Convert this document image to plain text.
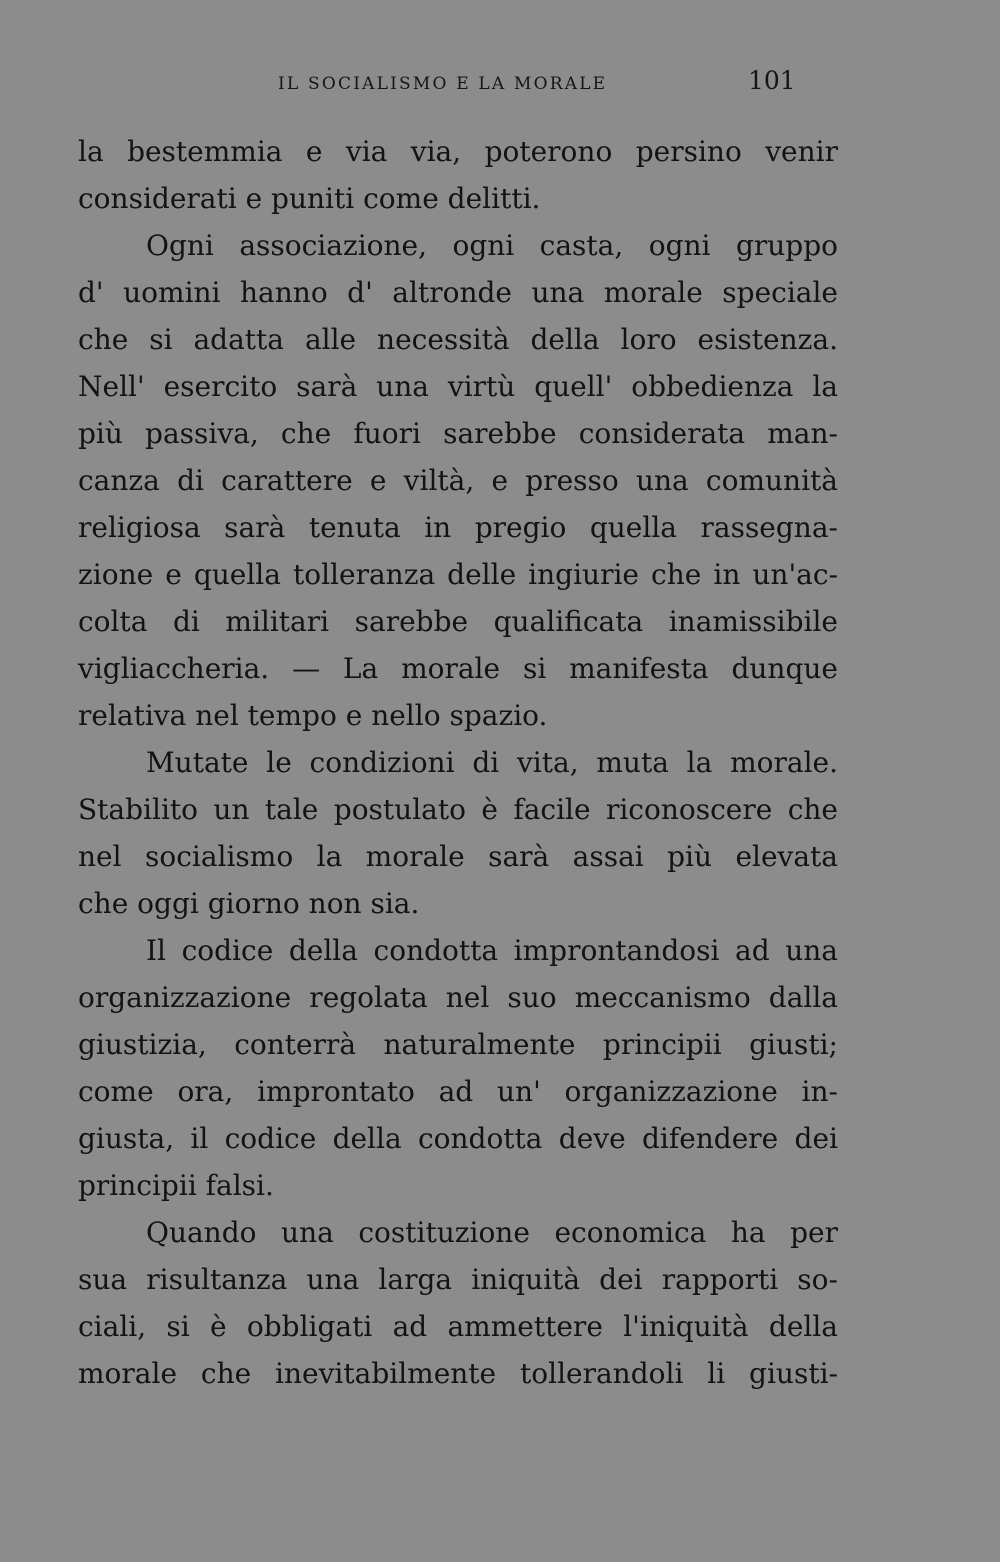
IL SOCIALISMO E LA MORALE	101
la bestemmia e via via, poterono persino venir
considerati e puniti come delitti.
Ogni associazione, ogni casta, ogni gruppo
d' uomini hanno d' altronde una morale speciale
che si adatta alle necessità della loro esistenza.
Nell' esercito sarà una virtù quell' obbedienza la
più passiva, che fuori sarebbe considerata man-
canza di carattere e viltà, e presso una comunità
religiosa sarà tenuta in pregio quella rassegna-
zione e quella tolleranza delle ingiurie che in un'ac-
colta di militari sarebbe qualificata inamissibile
vigliaccheria. — La morale si manifesta dunque
relativa nel tempo e nello spazio.
Mutate le condizioni di vita, muta la morale.
Stabilito un tale postulato è facile riconoscere che
nel socialismo la morale sarà assai più elevata
che oggi giorno non sia.
Il codice della condotta improntandosi ad una
organizzazione regolata nel suo meccanismo dalla
giustizia, conterrà naturalmente principii giusti;
come ora, improntato ad un' organizzazione in-
giusta, il codice della condotta deve difendere dei
principii falsi.
Quando una costituzione economica ha per
sua risultanza una larga iniquità dei rapporti so-
ciali, si è obbligati ad ammettere l'iniquità della
morale che inevitabilmente tollerandoli li giusti-
